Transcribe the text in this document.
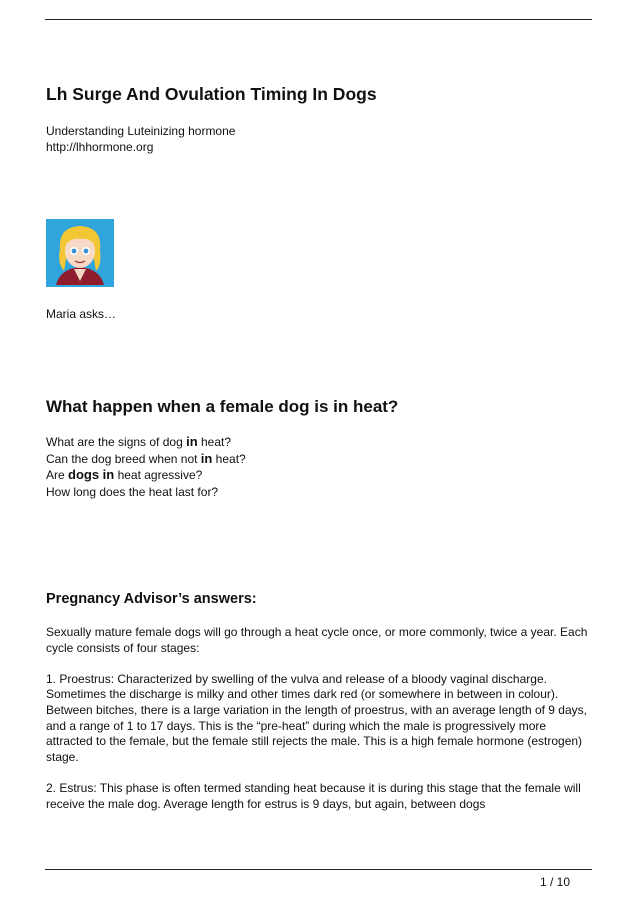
Lh Surge And Ovulation Timing In Dogs
Understanding Luteinizing hormone
http://lhhormone.org
Maria asks…
What happen when a female dog is in heat?
What are the signs of dog in heat?
Can the dog breed when not in heat?
Are dogs in heat agressive?
How long does the heat last for?
Pregnancy Advisor’s answers:

Sexually mature female dogs will go through a heat cycle once, or more commonly, twice a year. Each cycle consists of four stages:

1. Proestrus: Characterized by swelling of the vulva and release of a bloody vaginal discharge. Sometimes the discharge is milky and other times dark red (or somewhere in between in colour). Between bitches, there is a large variation in the length of proestrus, with an average length of 9 days, and a range of 1 to 17 days. This is the “pre-heat” during which the male is progressively more attracted to the female, but the female still rejects the male. This is a high female hormone (estrogen) stage.

2. Estrus: This phase is often termed standing heat because it is during this stage that the female will receive the male dog. Average length for estrus is 9 days, but again, between dogs

1 / 10
